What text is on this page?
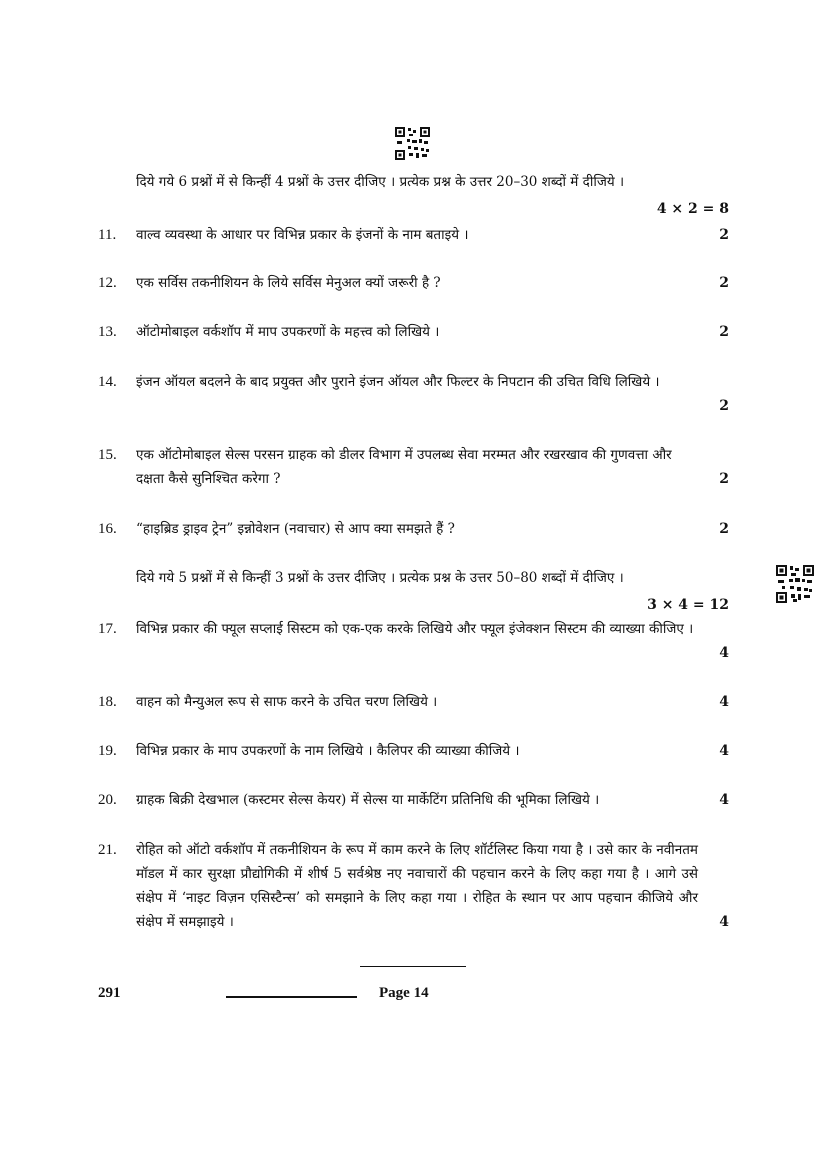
दिये गये 6 प्रश्नों में से किन्हीं 4 प्रश्नों के उत्तर दीजिए । प्रत्येक प्रश्न के उत्तर 20–30 शब्दों में दीजिये ।
4 × 2 = 8
11.	वाल्व व्यवस्था के आधार पर विभिन्न प्रकार के इंजनों के नाम बताइये ।	2
12.	एक सर्विस तकनीशियन के लिये सर्विस मेनुअल क्यों जरूरी है ?	2
13.	ऑटोमोबाइल वर्कशॉप में माप उपकरणों के महत्त्व को लिखिये ।	2
14.	इंजन ऑयल बदलने के बाद प्रयुक्त और पुराने इंजन ऑयल और फिल्टर के निपटान की उचित विधि लिखिये ।
2
15.	एक ऑटोमोबाइल सेल्स परसन ग्राहक को डीलर विभाग में उपलब्ध सेवा मरम्मत और रखरखाव की गुणवत्ता और दक्षता कैसे सुनिश्चित करेगा ?	2
16.	“हाइब्रिड ड्राइव ट्रेन” इन्नोवेशन (नवाचार) से आप क्या समझते हैं ?	2
दिये गये 5 प्रश्नों में से किन्हीं 3 प्रश्नों के उत्तर दीजिए । प्रत्येक प्रश्न के उत्तर 50–80 शब्दों में दीजिए ।
3 × 4 = 12
17.	विभिन्न प्रकार की फ्यूल सप्लाई सिस्टम को एक-एक करके लिखिये और फ्यूल इंजेक्शन सिस्टम की व्याख्या कीजिए ।
4
18.	वाहन को मैन्युअल रूप से साफ करने के उचित चरण लिखिये ।	4
19.	विभिन्न प्रकार के माप उपकरणों के नाम लिखिये । कैलिपर की व्याख्या कीजिये ।	4
20.	ग्राहक बिक्री देखभाल (कस्टमर सेल्स केयर) में सेल्स या मार्केटिंग प्रतिनिधि की भूमिका लिखिये ।	4
21.	रोहित को ऑटो वर्कशॉप में तकनीशियन के रूप में काम करने के लिए शॉर्टलिस्ट किया गया है । उसे कार के नवीनतम मॉडल में कार सुरक्षा प्रौद्योगिकी में शीर्ष 5 सर्वश्रेष्ठ नए नवाचारों की पहचान करने के लिए कहा गया है । आगे उसे संक्षेप में ‘नाइट विज़न एसिस्टैन्स’ को समझाने के लिए कहा गया । रोहित के स्थान पर आप पहचान कीजिये और संक्षेप में समझाइये ।	4
291	Page 14
